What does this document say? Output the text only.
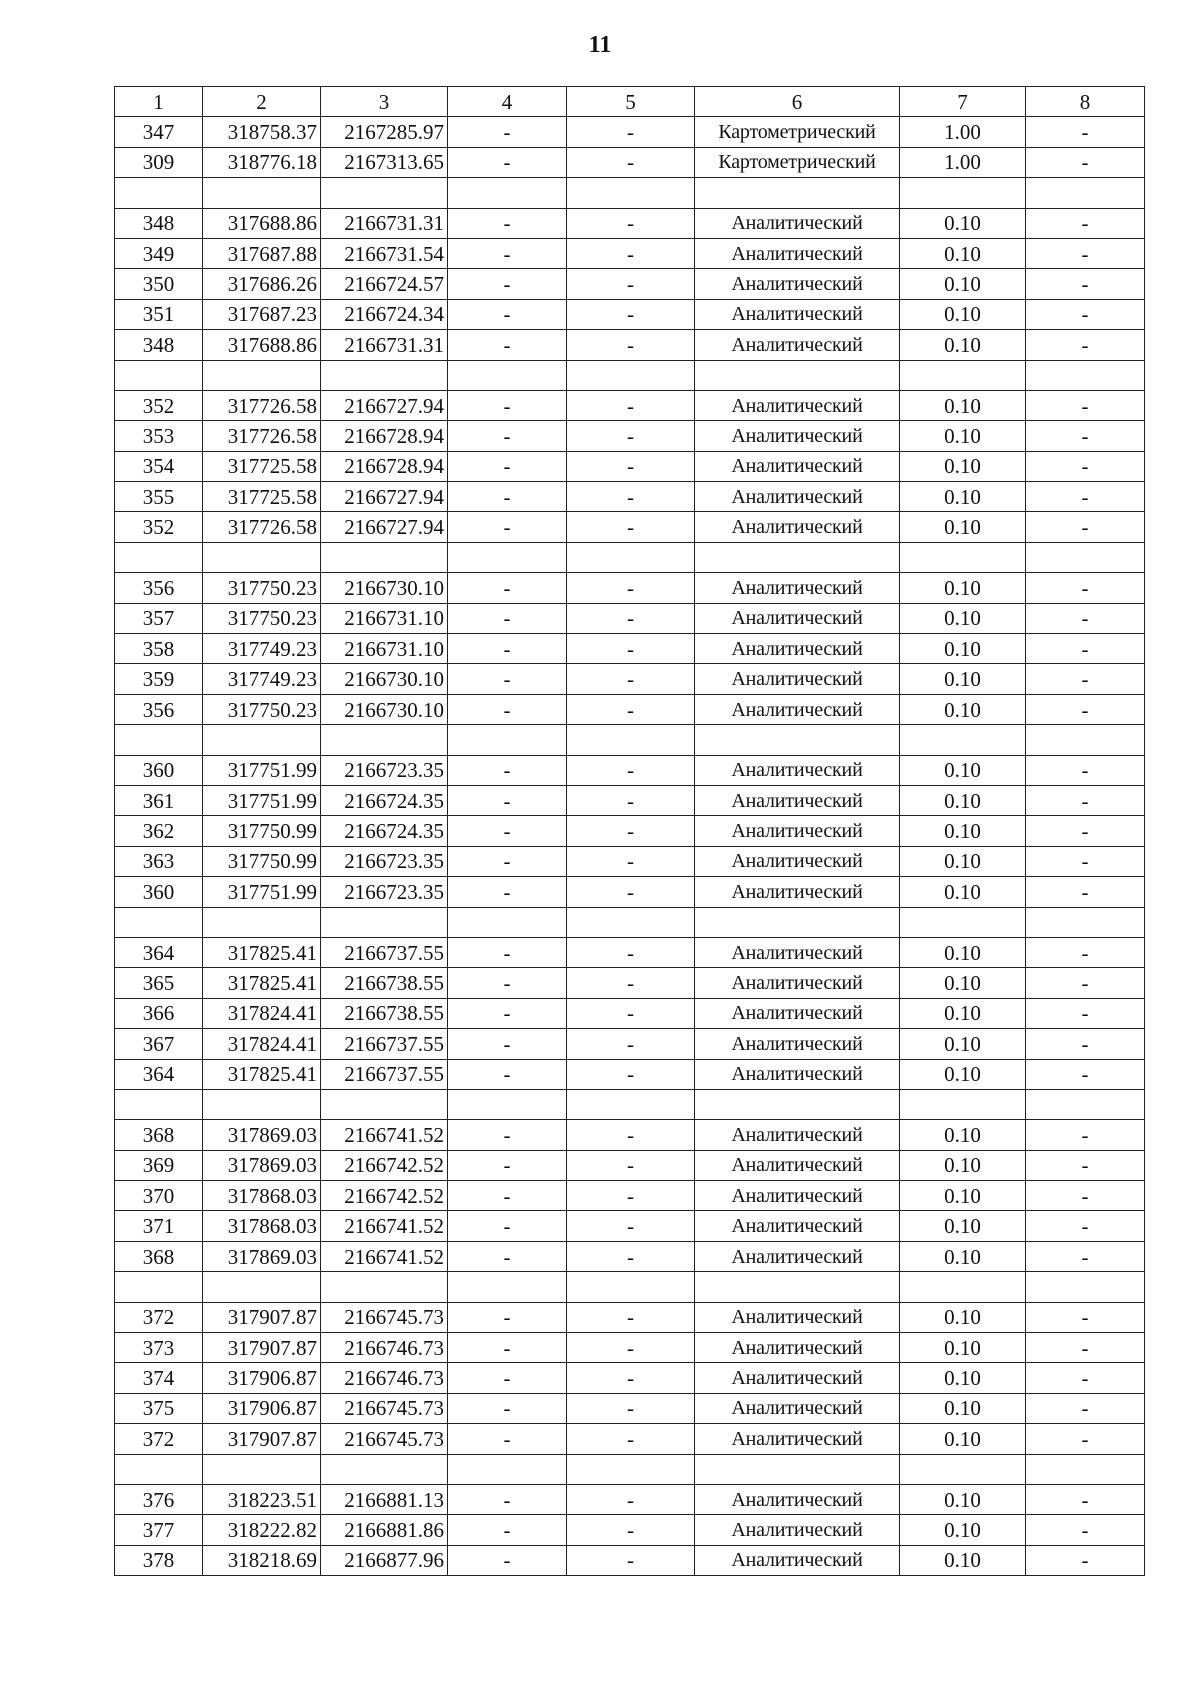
11
1	2	3	4	5	6	7	8
347	318758.37	2167285.97	-	-	Картометрический	1.00	-
309	318776.18	2167313.65	-	-	Картометрический	1.00	-

348	317688.86	2166731.31	-	-	Аналитический	0.10	-
349	317687.88	2166731.54	-	-	Аналитический	0.10	-
350	317686.26	2166724.57	-	-	Аналитический	0.10	-
351	317687.23	2166724.34	-	-	Аналитический	0.10	-
348	317688.86	2166731.31	-	-	Аналитический	0.10	-

352	317726.58	2166727.94	-	-	Аналитический	0.10	-
353	317726.58	2166728.94	-	-	Аналитический	0.10	-
354	317725.58	2166728.94	-	-	Аналитический	0.10	-
355	317725.58	2166727.94	-	-	Аналитический	0.10	-
352	317726.58	2166727.94	-	-	Аналитический	0.10	-

356	317750.23	2166730.10	-	-	Аналитический	0.10	-
357	317750.23	2166731.10	-	-	Аналитический	0.10	-
358	317749.23	2166731.10	-	-	Аналитический	0.10	-
359	317749.23	2166730.10	-	-	Аналитический	0.10	-
356	317750.23	2166730.10	-	-	Аналитический	0.10	-

360	317751.99	2166723.35	-	-	Аналитический	0.10	-
361	317751.99	2166724.35	-	-	Аналитический	0.10	-
362	317750.99	2166724.35	-	-	Аналитический	0.10	-
363	317750.99	2166723.35	-	-	Аналитический	0.10	-
360	317751.99	2166723.35	-	-	Аналитический	0.10	-

364	317825.41	2166737.55	-	-	Аналитический	0.10	-
365	317825.41	2166738.55	-	-	Аналитический	0.10	-
366	317824.41	2166738.55	-	-	Аналитический	0.10	-
367	317824.41	2166737.55	-	-	Аналитический	0.10	-
364	317825.41	2166737.55	-	-	Аналитический	0.10	-

368	317869.03	2166741.52	-	-	Аналитический	0.10	-
369	317869.03	2166742.52	-	-	Аналитический	0.10	-
370	317868.03	2166742.52	-	-	Аналитический	0.10	-
371	317868.03	2166741.52	-	-	Аналитический	0.10	-
368	317869.03	2166741.52	-	-	Аналитический	0.10	-

372	317907.87	2166745.73	-	-	Аналитический	0.10	-
373	317907.87	2166746.73	-	-	Аналитический	0.10	-
374	317906.87	2166746.73	-	-	Аналитический	0.10	-
375	317906.87	2166745.73	-	-	Аналитический	0.10	-
372	317907.87	2166745.73	-	-	Аналитический	0.10	-

376	318223.51	2166881.13	-	-	Аналитический	0.10	-
377	318222.82	2166881.86	-	-	Аналитический	0.10	-
378	318218.69	2166877.96	-	-	Аналитический	0.10	-
